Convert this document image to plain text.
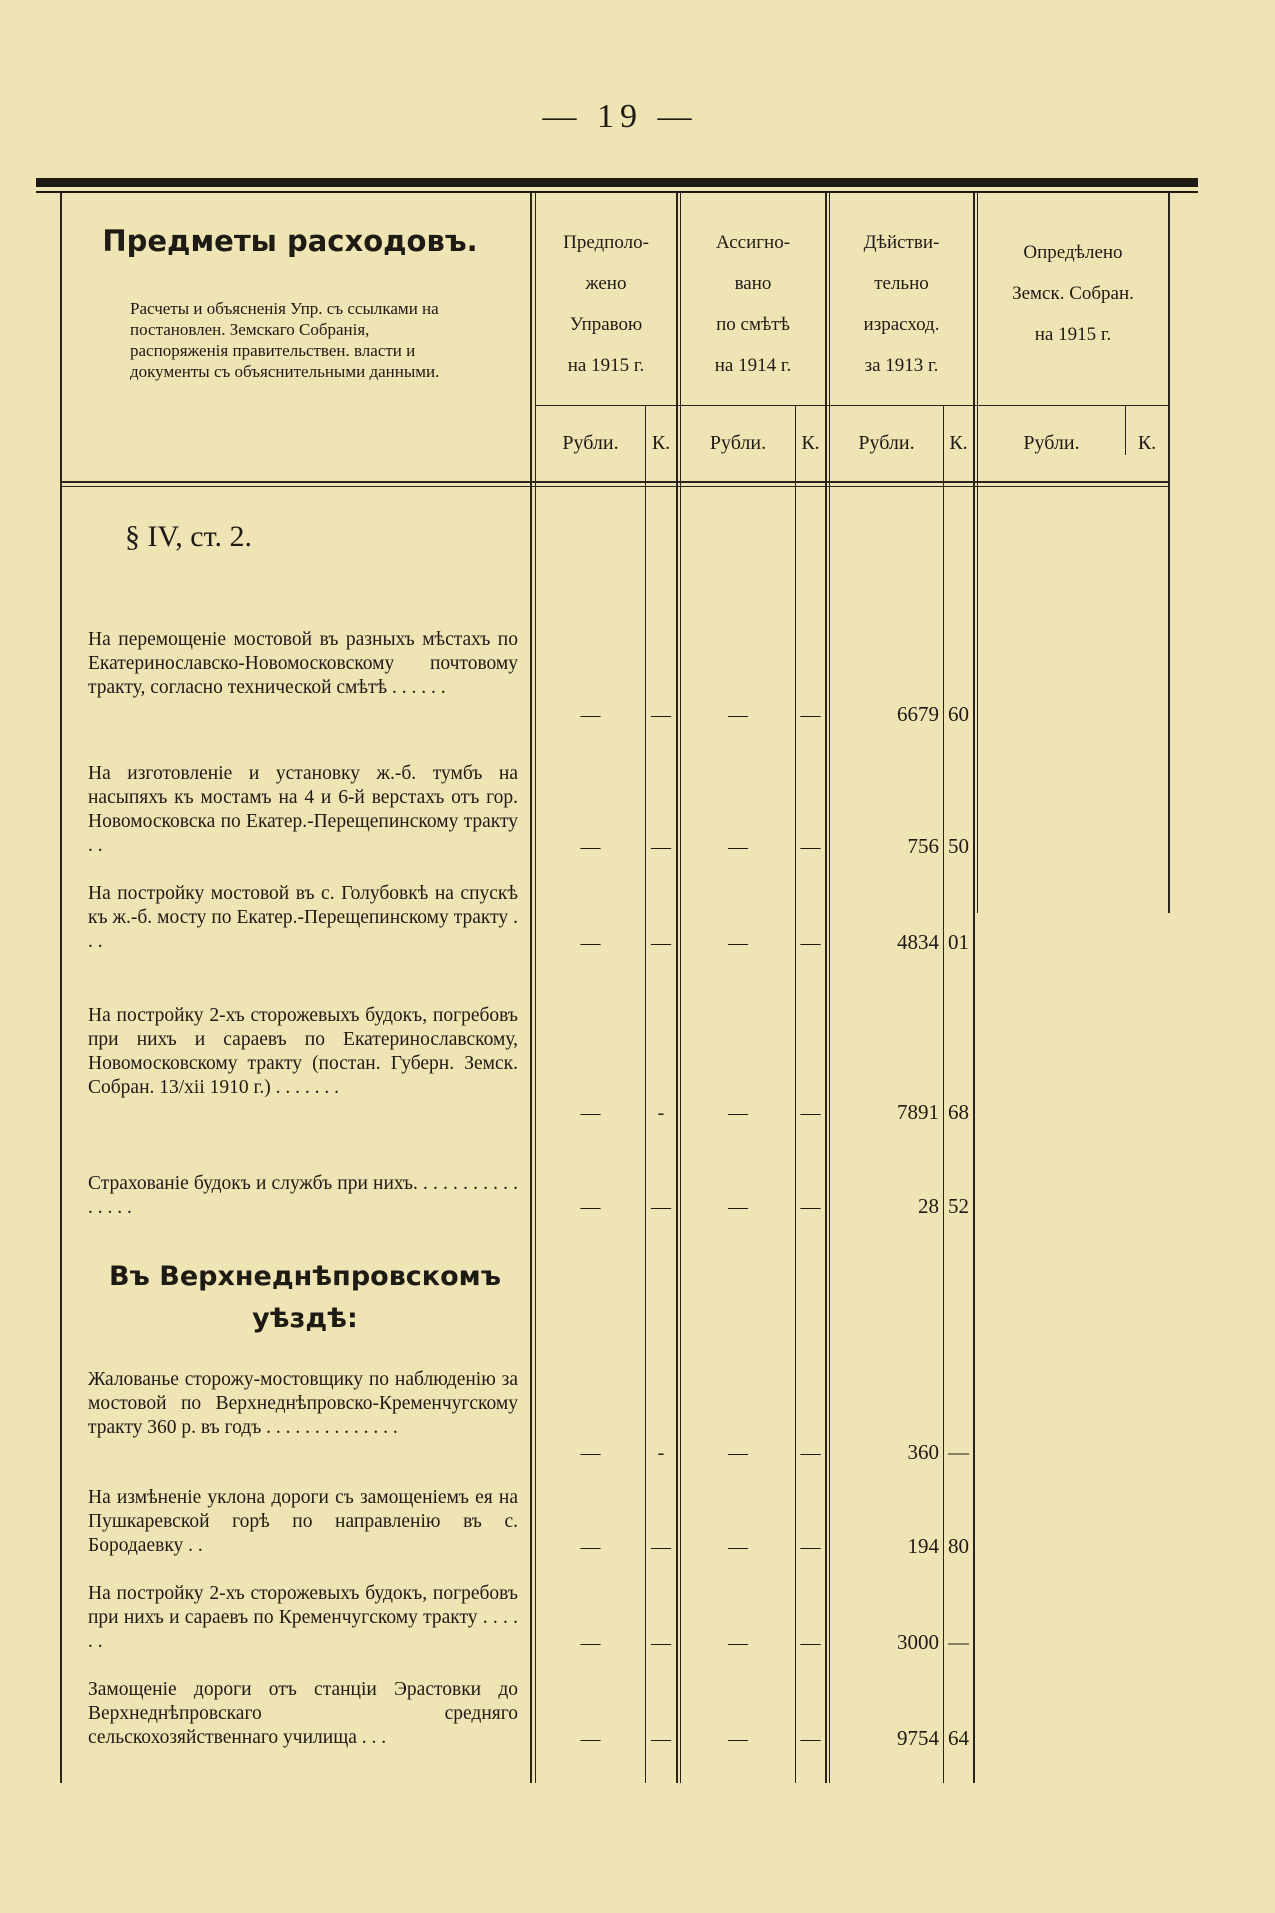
— 19 —
Предметы расходовъ.
Расчеты и объясненія Упр. съ ссылками на постановлен. Земскаго Собранія, распоряженія правительствен. власти и документы съ объяснительными данными.
Предполо-
жено
Управою
на 1915 г.
Ассигно-
вано
по смѣтѣ
на 1914 г.
Дѣйстви-
тельно
израсход.
за 1913 г.
Опредѣлено
Земск. Собран.
на 1915 г.
Рубли.	К.	Рубли.	К.	Рубли.	К.	Рубли.	К.
§ IV, ст. 2.
Въ Верхнеднѣпровскомъ уѣздѣ:
На перемощеніе мостовой въ разныхъ мѣстахъ по Екатеринославско-Новомосковскому почтовому тракту, согласно технической смѣтѣ . . . . . .
—	—	—	—	6679 60
На изготовленіе и установку ж.-б. тумбъ на насыпяхъ къ мостамъ на 4 и 6-й верстахъ отъ гор. Новомосковска по Екатер.-Перещепинскому тракту . .	—	—	—	—	756 50
На постройку мостовой въ с. Голубовкѣ на спускѣ къ ж.-б. мосту по Екатер.-Перещепинскому тракту . . .	—	—	—	—	4834 01
На постройку 2-хъ сторожевыхъ будокъ, погребовъ при нихъ и сараевъ по Екатеринославскому, Новомосковскому тракту (постан. Губерн. Земск. Собран. 13/xii 1910 г.) . . . . . . .
—	-	—	—	7891 68
Страхованіе будокъ и службъ при нихъ. . . . . . . . . . . . . . . .	—	—	—	—	28 52
Жалованье сторожу-мостовщику по наблюденію за мостовой по Верхнеднѣпровско-Кременчугскому тракту 360 р. въ годъ . . . . . . . . . . . . . .
—	-	—	—	360 —
На измѣненіе уклона дороги съ замощеніемъ ея на Пушкаревской горѣ по направленію въ с. Бородаевку . .	—	—	—	—	194 80
На постройку 2-хъ сторожевыхъ будокъ, погребовъ при нихъ и сараевъ по Кременчугскому тракту . . . . . .	—	—	—	—	3000 —
Замощеніе дороги отъ станціи Эрастовки до Верхнеднѣпровскаго средняго сельскохозяйственнаго училища . . .	—	—	—	—	9754 64
